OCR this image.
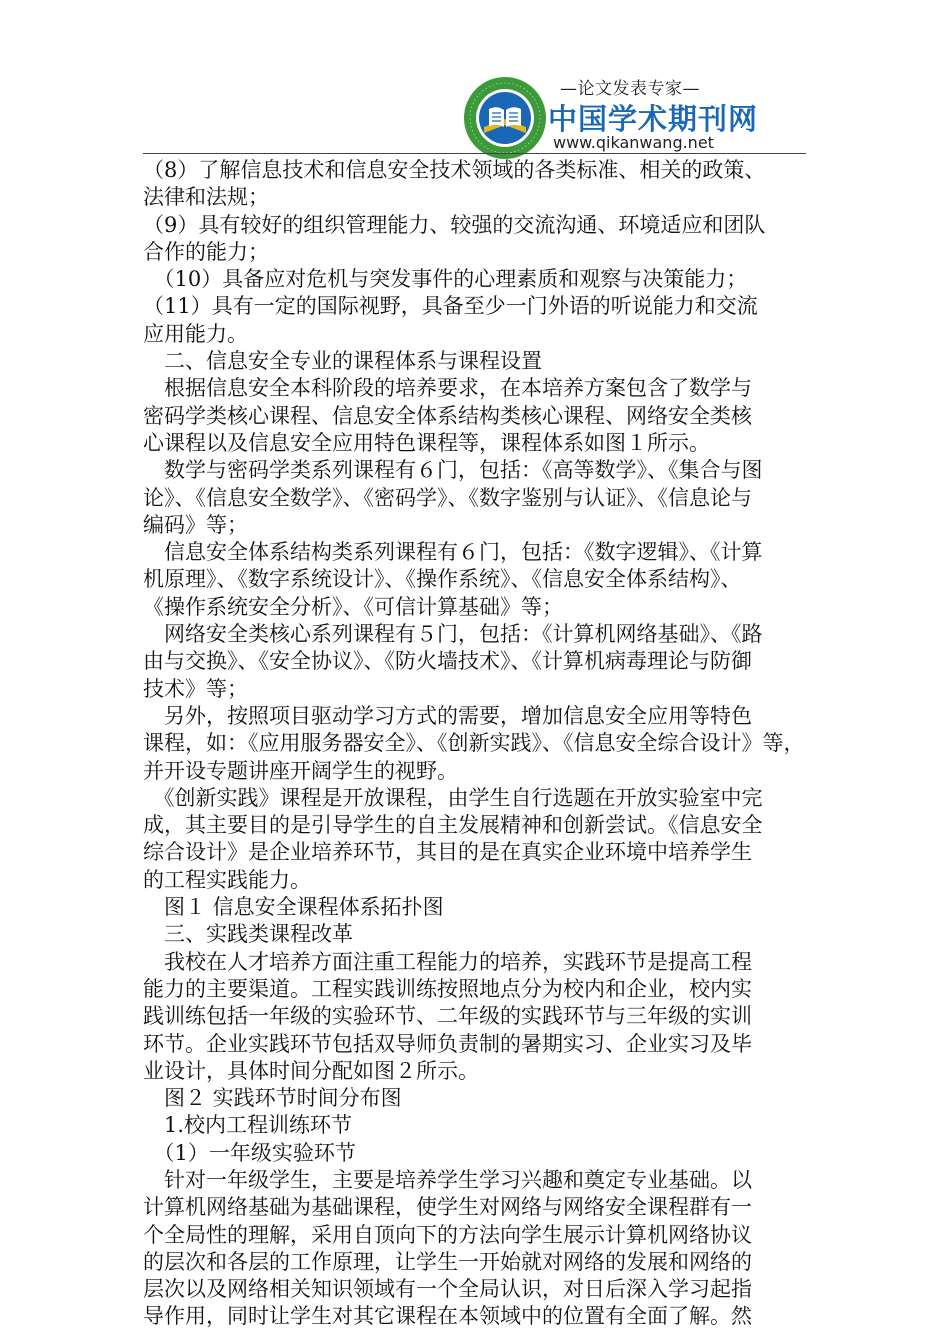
—论文发表专家—
中国学术期刊网
www.qikanwang.net
（8）了解信息技术和信息安全技术领域的各类标准、相关的政策、
法律和法规；
（9）具有较好的组织管理能力、较强的交流沟通、环境适应和团队
合作的能力；
　（10）具备应对危机与突发事件的心理素质和观察与决策能力；
（11）具有一定的国际视野，具备至少一门外语的听说能力和交流
应用能力。
　二、信息安全专业的课程体系与课程设置
　根据信息安全本科阶段的培养要求，在本培养方案包含了数学与
密码学类核心课程、信息安全体系结构类核心课程、网络安全类核
心课程以及信息安全应用特色课程等，课程体系如图１所示。
　数学与密码学类系列课程有６门，包括：《高等数学》、《集合与图
论》、《信息安全数学》、《密码学》、《数字鉴别与认证》、《信息论与
编码》等；
　信息安全体系结构类系列课程有６门，包括：《数字逻辑》、《计算
机原理》、《数字系统设计》、《操作系统》、《信息安全体系结构》、
《操作系统安全分析》、《可信计算基础》等；
　网络安全类核心系列课程有５门，包括：《计算机网络基础》、《路
由与交换》、《安全协议》、《防火墙技术》、《计算机病毒理论与防御
技术》等；
　另外，按照项目驱动学习方式的需要，增加信息安全应用等特色
课程，如：《应用服务器安全》、《创新实践》、《信息安全综合设计》等，
并开设专题讲座开阔学生的视野。
　《创新实践》课程是开放课程，由学生自行选题在开放实验室中完
成，其主要目的是引导学生的自主发展精神和创新尝试。《信息安全
综合设计》是企业培养环节，其目的是在真实企业环境中培养学生
的工程实践能力。
　图１ 信息安全课程体系拓扑图
　三、实践类课程改革
　我校在人才培养方面注重工程能力的培养，实践环节是提高工程
能力的主要渠道。工程实践训练按照地点分为校内和企业，校内实
践训练包括一年级的实验环节、二年级的实践环节与三年级的实训
环节。企业实践环节包括双导师负责制的暑期实习、企业实习及毕
业设计，具体时间分配如图２所示。
　图２ 实践环节时间分布图
　1.校内工程训练环节
　（1）一年级实验环节
　针对一年级学生，主要是培养学生学习兴趣和奠定专业基础。以
计算机网络基础为基础课程，使学生对网络与网络安全课程群有一
个全局性的理解，采用自顶向下的方法向学生展示计算机网络协议
的层次和各层的工作原理，让学生一开始就对网络的发展和网络的
层次以及网络相关知识领域有一个全局认识，对日后深入学习起指
导作用，同时让学生对其它课程在本领域中的位置有全面了解。然
